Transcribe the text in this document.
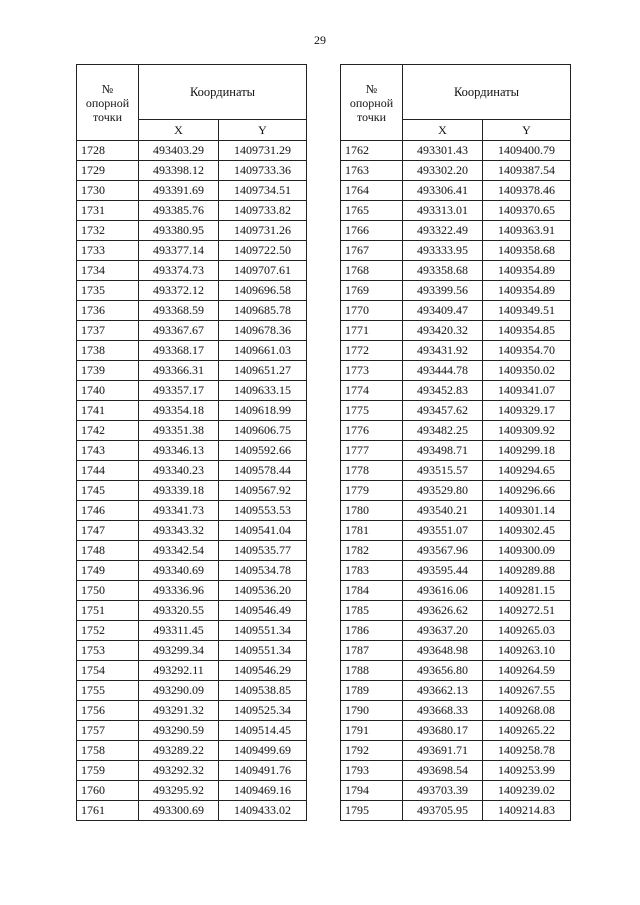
29
№
опорной
точки	Координаты	
	X	Y
1728	493403.29	1409731.29
1729	493398.12	1409733.36
1730	493391.69	1409734.51
1731	493385.76	1409733.82
1732	493380.95	1409731.26
1733	493377.14	1409722.50
1734	493374.73	1409707.61
1735	493372.12	1409696.58
1736	493368.59	1409685.78
1737	493367.67	1409678.36
1738	493368.17	1409661.03
1739	493366.31	1409651.27
1740	493357.17	1409633.15
1741	493354.18	1409618.99
1742	493351.38	1409606.75
1743	493346.13	1409592.66
1744	493340.23	1409578.44
1745	493339.18	1409567.92
1746	493341.73	1409553.53
1747	493343.32	1409541.04
1748	493342.54	1409535.77
1749	493340.69	1409534.78
1750	493336.96	1409536.20
1751	493320.55	1409546.49
1752	493311.45	1409551.34
1753	493299.34	1409551.34
1754	493292.11	1409546.29
1755	493290.09	1409538.85
1756	493291.32	1409525.34
1757	493290.59	1409514.45
1758	493289.22	1409499.69
1759	493292.32	1409491.76
1760	493295.92	1409469.16
1761	493300.69	1409433.02
№
опорной
точки	Координаты	
	X	Y
1762	493301.43	1409400.79
1763	493302.20	1409387.54
1764	493306.41	1409378.46
1765	493313.01	1409370.65
1766	493322.49	1409363.91
1767	493333.95	1409358.68
1768	493358.68	1409354.89
1769	493399.56	1409354.89
1770	493409.47	1409349.51
1771	493420.32	1409354.85
1772	493431.92	1409354.70
1773	493444.78	1409350.02
1774	493452.83	1409341.07
1775	493457.62	1409329.17
1776	493482.25	1409309.92
1777	493498.71	1409299.18
1778	493515.57	1409294.65
1779	493529.80	1409296.66
1780	493540.21	1409301.14
1781	493551.07	1409302.45
1782	493567.96	1409300.09
1783	493595.44	1409289.88
1784	493616.06	1409281.15
1785	493626.62	1409272.51
1786	493637.20	1409265.03
1787	493648.98	1409263.10
1788	493656.80	1409264.59
1789	493662.13	1409267.55
1790	493668.33	1409268.08
1791	493680.17	1409265.22
1792	493691.71	1409258.78
1793	493698.54	1409253.99
1794	493703.39	1409239.02
1795	493705.95	1409214.83
